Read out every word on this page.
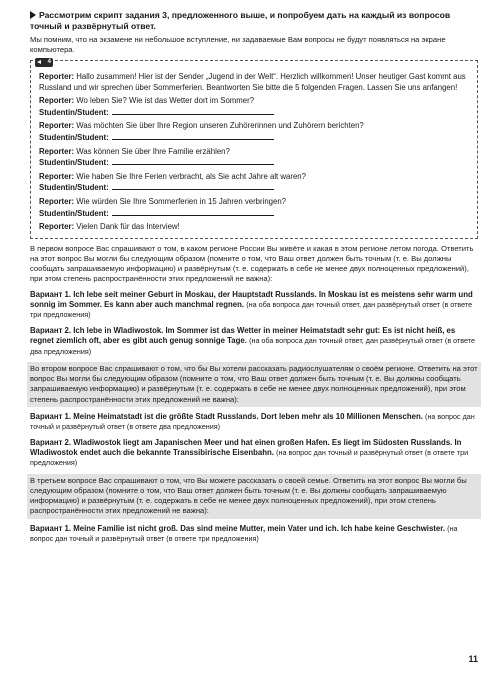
Рассмотрим скрипт задания 3, предложенного выше, и попробуем дать на каждый из вопросов точный и развёрнутый ответ.
Мы помним, что на экзамене ни небольшое вступление, ни задаваемые Вам вопросы не будут появляться на экране компьютера.
4

Reporter: Hallo zusammen! Hier ist der Sender „Jugend in der Welt“. Herzlich willkommen! Unser heutiger Gast kommt aus Russland und wir sprechen über Sommerferien. Beantworten Sie bitte die 5 folgenden Fragen. Lassen Sie uns anfangen!

Reporter: Wo leben Sie? Wie ist das Wetter dort im Sommer?

Studentin/Student:

Reporter: Was möchten Sie über Ihre Region unseren Zuhörerinnen und Zuhörern berichten?

Studentin/Student:

Reporter: Was können Sie über Ihre Familie erzählen?

Studentin/Student:

Reporter: Wie haben Sie Ihre Ferien verbracht, als Sie acht Jahre alt waren?

Studentin/Student:

Reporter: Wie würden Sie Ihre Sommerferien in 15 Jahren verbringen?

Studentin/Student:

Reporter: Vielen Dank für das Interview!

В первом вопросе Вас спрашивают о том, в каком регионе России Вы живёте и какая в этом регионе летом погода. Ответить на этот вопрос Вы могли бы следующим образом (помните о том, что Ваш ответ должен быть точным (т. е. Вы должны сообщать запрашиваемую информацию) и развёрнутым (т. е. содержать в себе не менее двух полноценных предложений), при этом степень распространённости этих предложений не важна):
Вариант 1. Ich lebe seit meiner Geburt in Moskau, der Hauptstadt Russlands. In Moskau ist es meistens sehr warm und sonnig im Sommer. Es kann aber auch manchmal regnen. (на оба вопроса дан точный ответ, дан развёрнутый ответ (в ответе три предложения)
Вариант 2. Ich lebe in Wladiwostok. Im Sommer ist das Wetter in meiner Heimatstadt sehr gut: Es ist nicht heiß, es regnet ziemlich oft, aber es gibt auch genug sonnige Tage. (на оба вопроса дан точный ответ, дан развёрнутый ответ (в ответе два предложения)
Во втором вопросе Вас спрашивают о том, что бы Вы хотели рассказать радиослушателям о своём регионе. Ответить на этот вопрос Вы могли бы следующим образом (помните о том, что Ваш ответ должен быть точным (т. е. Вы должны сообщать запрашиваемую информацию) и развёрнутым (т. е. содержать в себе не менее двух полноценных предложений), при этом степень распространённости этих предложений не важна):
Вариант 1. Meine Heimatstadt ist die größte Stadt Russlands. Dort leben mehr als 10 Millionen Menschen. (на вопрос дан точный и развёрнутый ответ (в ответе два предложения)
Вариант 2. Wladiwostok liegt am Japanischen Meer und hat einen großen Hafen. Es liegt im Südosten Russlands. In Wladiwostok endet auch die bekannte Transsibirische Eisenbahn. (на вопрос дан точный и развёрнутый ответ (в ответе три предложения)
В третьем вопросе Вас спрашивают о том, что Вы можете рассказать о своей семье. Ответить на этот вопрос Вы могли бы следующим образом (помните о том, что Ваш ответ должен быть точным (т. е. Вы должны сообщать запрашиваемую информацию) и развёрнутым (т. е. содержать в себе не менее двух полноценных предложений), при этом степень распространённости этих предложений не важна):
Вариант 1. Meine Familie ist nicht groß. Das sind meine Mutter, mein Vater und ich. Ich habe keine Geschwister. (на вопрос дан точный и развёрнутый ответ (в ответе три предложения)
11
